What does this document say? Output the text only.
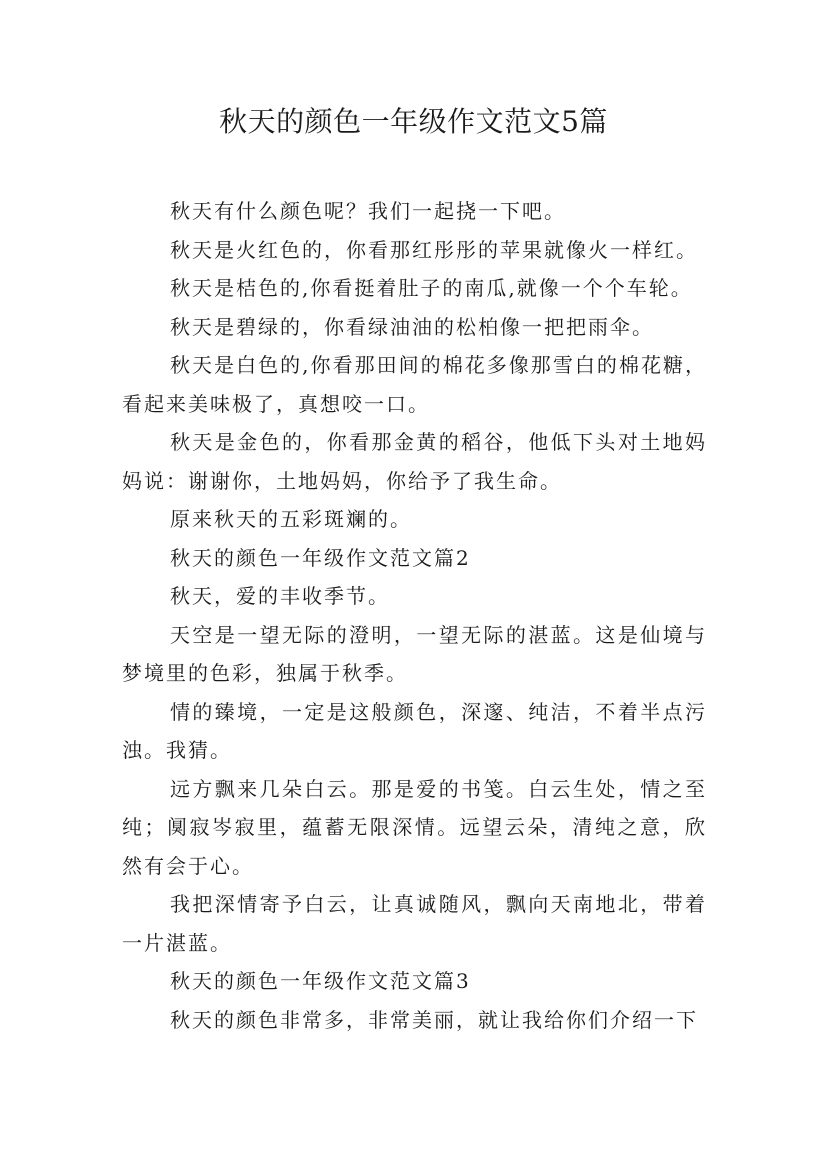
秋天的颜色一年级作文范文5篇

秋天有什么颜色呢？我们一起挠一下吧。

秋天是火红色的，你看那红彤彤的苹果就像火一样红。

秋天是桔色的,你看挺着肚子的南瓜,就像一个个车轮。

秋天是碧绿的，你看绿油油的松柏像一把把雨伞。

秋天是白色的,你看那田间的棉花多像那雪白的棉花糖，看起来美味极了，真想咬一口。

秋天是金色的，你看那金黄的稻谷，他低下头对土地妈妈说：谢谢你，土地妈妈，你给予了我生命。

原来秋天的五彩斑斓的。

秋天的颜色一年级作文范文篇2

秋天，爱的丰收季节。

天空是一望无际的澄明，一望无际的湛蓝。这是仙境与梦境里的色彩，独属于秋季。

情的臻境，一定是这般颜色，深邃、纯洁，不着半点污浊。我猜。

远方飘来几朵白云。那是爱的书笺。白云生处，情之至纯；阒寂岑寂里，蕴蓄无限深情。远望云朵，清纯之意，欣然有会于心。

我把深情寄予白云，让真诚随风，飘向天南地北，带着一片湛蓝。

秋天的颜色一年级作文范文篇3

秋天的颜色非常多，非常美丽，就让我给你们介绍一下
